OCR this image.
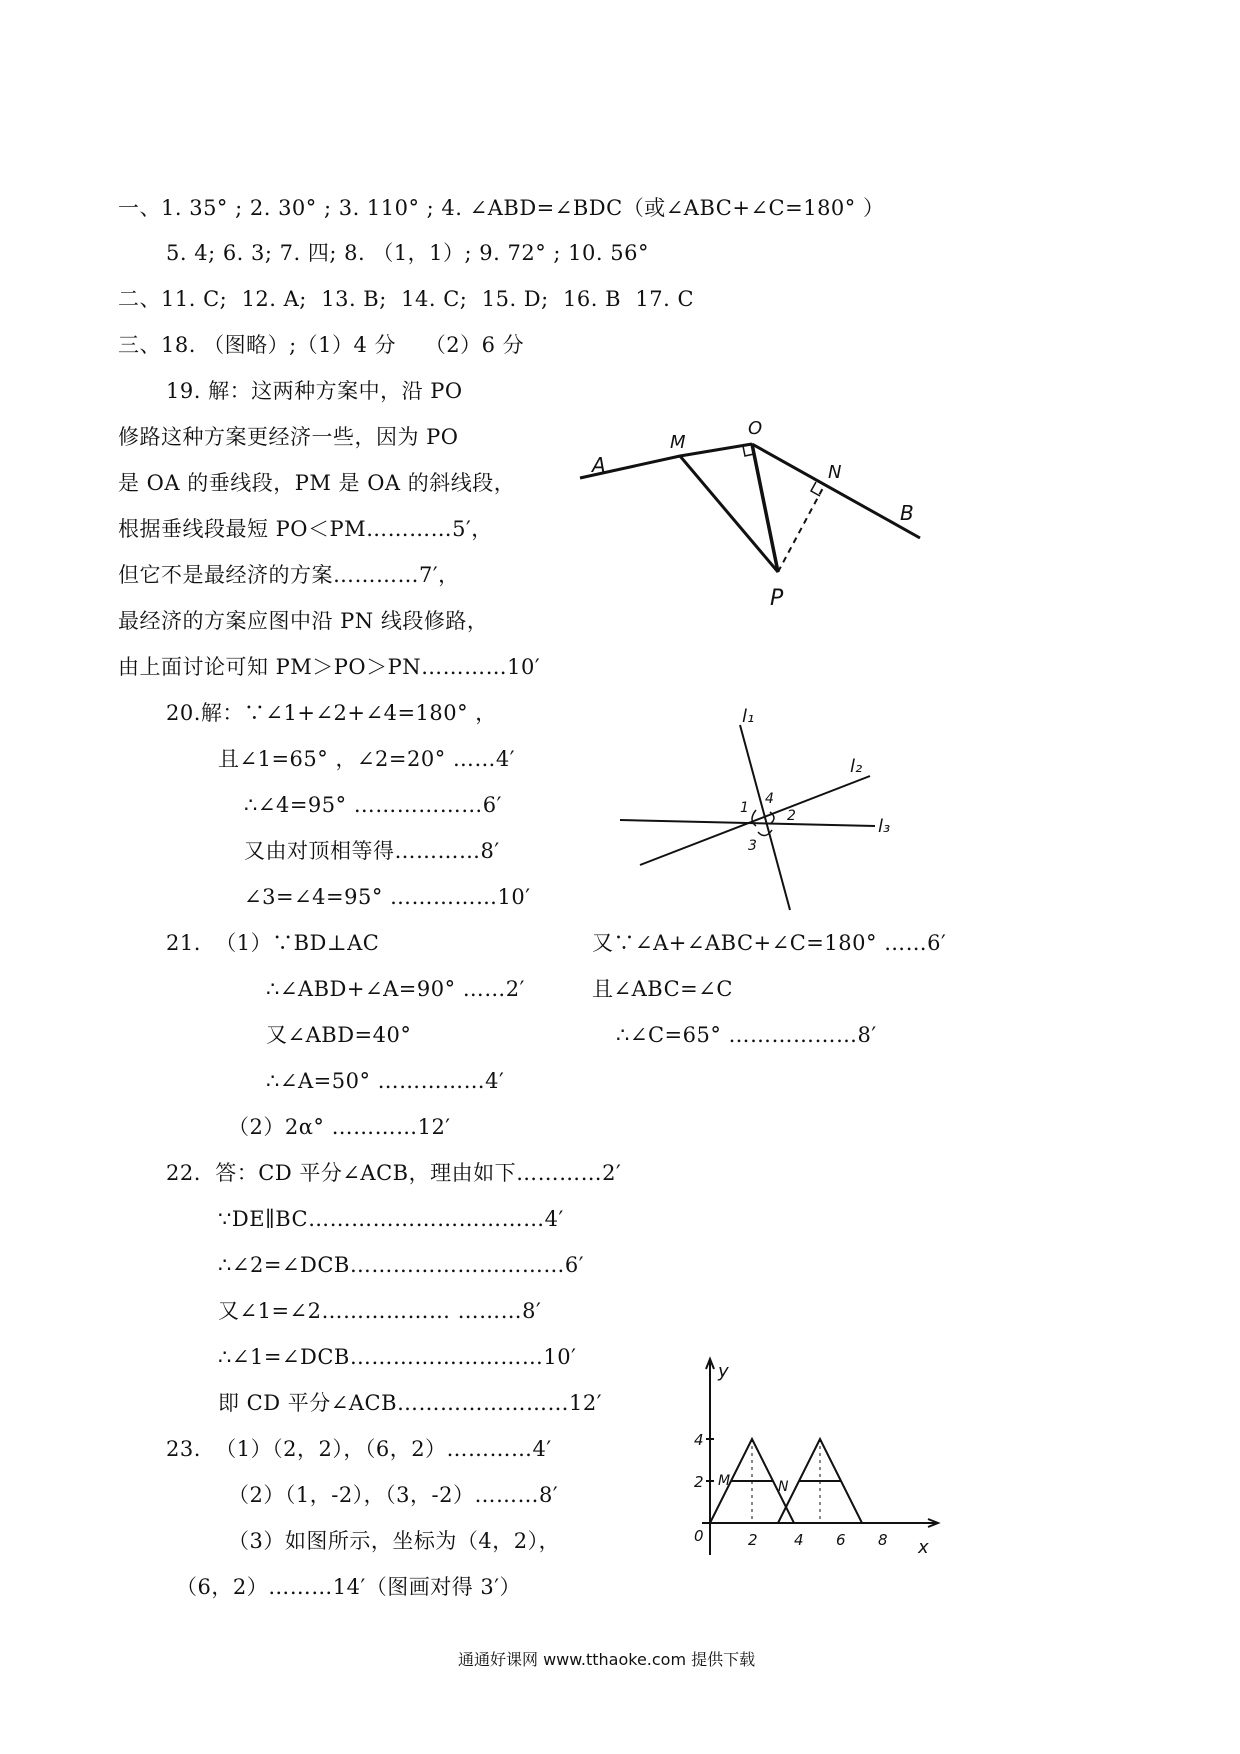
一、1. 35° ; 2. 30° ; 3. 110° ; 4. ∠ABD=∠BDC（或∠ABC+∠C=180° ）
5. 4; 6. 3; 7. 四; 8. （1，1）; 9. 72° ; 10. 56°
二、11. C;  12. A;  13. B;  14. C;  15. D;  16. B  17. C
三、18. （图略）;（1）4 分    （2）6 分
19. 解：这两种方案中，沿 PO
修路这种方案更经济一些，因为 PO
是 OA 的垂线段，PM 是 OA 的斜线段，
根据垂线段最短 PO＜PM…………5′，
但它不是最经济的方案…………7′，
最经济的方案应图中沿 PN 线段修路，
由上面讨论可知 PM＞PO＞PN…………10′
20.解：∵∠1+∠2+∠4=180° ，
且∠1=65° ，∠2=20° ……4′
∴∠4=95° ………………6′
又由对顶相等得…………8′
∠3=∠4=95° ……………10′
21.  （1）∵BD⊥AC
∴∠ABD+∠A=90° ……2′
又∠ABD=40°
∴∠A=50° ……………4′
（2）2α° …………12′
又∵∠A+∠ABC+∠C=180° ……6′
且∠ABC=∠C
∴∠C=65° ………………8′
22.  答：CD 平分∠ACB，理由如下…………2′
∵DE∥BC……………………………4′
∴∠2=∠DCB…………………………6′
又∠1=∠2……………… ………8′
∴∠1=∠DCB………………………10′
即 CD 平分∠ACB……………………12′
23.  （1）（2，2），（6，2）…………4′
（2）（1，-2），（3，-2）………8′
（3）如图所示，坐标为（4，2），
（6，2）………14′（图画对得 3′）
A
M
O
N
B
P
l₁
l₂
l₃
1
4
2
3
y
x
0
4
2
2 4 6 8
M	N
通通好课网 www.tthaoke.com 提供下载
